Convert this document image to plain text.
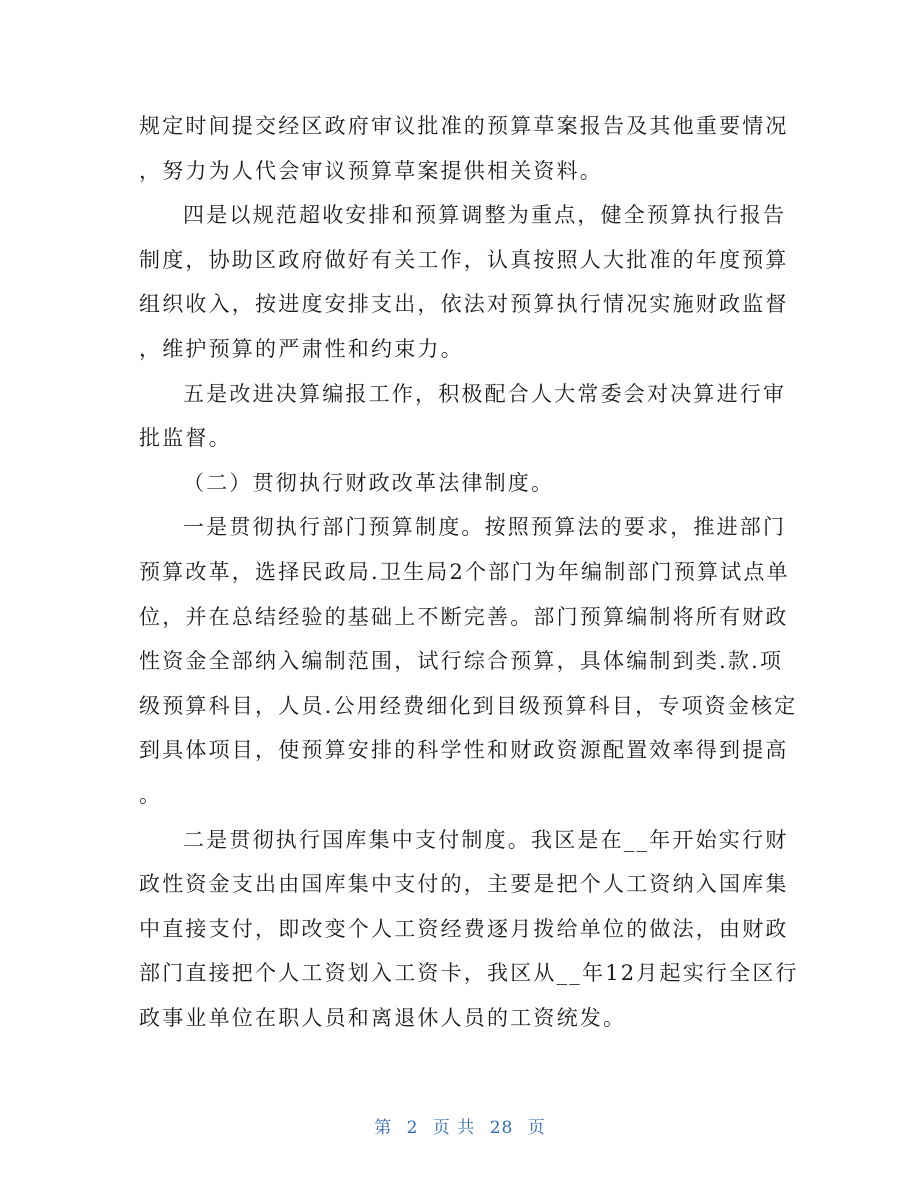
规定时间提交经区政府审议批准的预算草案报告及其他重要情况
，努力为人代会审议预算草案提供相关资料。
四是以规范超收安排和预算调整为重点，健全预算执行报告
制度，协助区政府做好有关工作，认真按照人大批准的年度预算
组织收入，按进度安排支出，依法对预算执行情况实施财政监督
，维护预算的严肃性和约束力。
五是改进决算编报工作，积极配合人大常委会对决算进行审
批监督。
（二）贯彻执行财政改革法律制度。
一是贯彻执行部门预算制度。按照预算法的要求，推进部门
预算改革，选择民政局.卫生局2个部门为年编制部门预算试点单
位，并在总结经验的基础上不断完善。部门预算编制将所有财政
性资金全部纳入编制范围，试行综合预算，具体编制到类.款.项
级预算科目，人员.公用经费细化到目级预算科目，专项资金核定
到具体项目，使预算安排的科学性和财政资源配置效率得到提高
。
二是贯彻执行国库集中支付制度。我区是在__年开始实行财
政性资金支出由国库集中支付的，主要是把个人工资纳入国库集
中直接支付，即改变个人工资经费逐月拨给单位的做法，由财政
部门直接把个人工资划入工资卡，我区从__年12月起实行全区行
政事业单位在职人员和离退休人员的工资统发。
第 2 页 共 28 页
